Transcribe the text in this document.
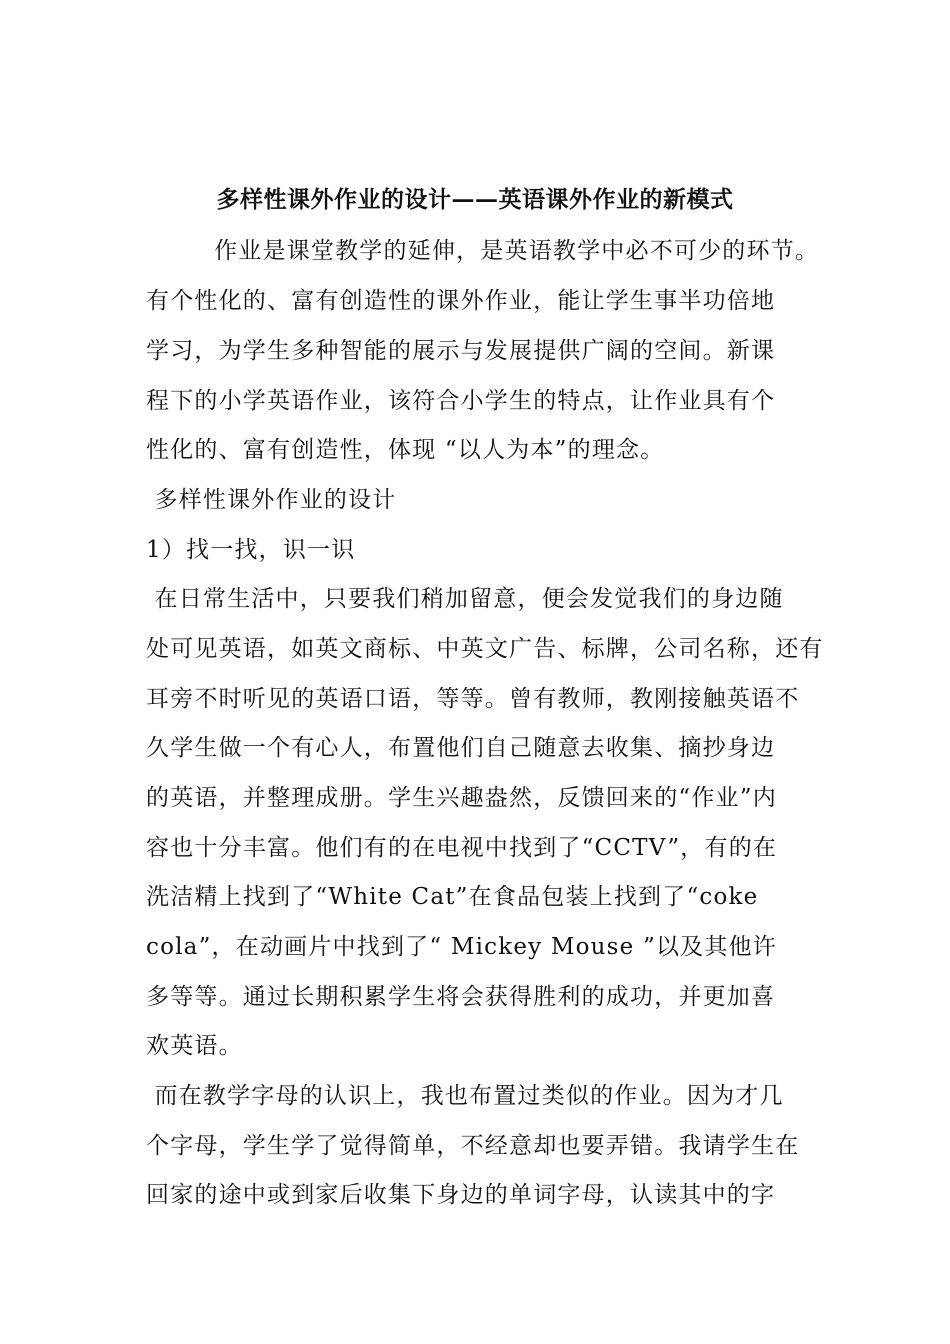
多样性课外作业的设计——英语课外作业的新模式
作业是课堂教学的延伸，是英语教学中必不可少的环节。
有个性化的、富有创造性的课外作业，能让学生事半功倍地
学习，为学生多种智能的展示与发展提供广阔的空间。新课
程下的小学英语作业，该符合小学生的特点，让作业具有个
性化的、富有创造性，体现 “以人为本”的理念。
多样性课外作业的设计
1）找一找，识一识
在日常生活中，只要我们稍加留意，便会发觉我们的身边随
处可见英语，如英文商标、中英文广告、标牌，公司名称，还有
耳旁不时听见的英语口语，等等。曾有教师，教刚接触英语不
久学生做一个有心人，布置他们自己随意去收集、摘抄身边
的英语，并整理成册。学生兴趣盎然，反馈回来的“作业”内
容也十分丰富。他们有的在电视中找到了“CCTV”，有的在
洗洁精上找到了“White Cat”在食品包装上找到了“coke
cola”，在动画片中找到了“ Mickey Mouse ”以及其他许
多等等。通过长期积累学生将会获得胜利的成功，并更加喜
欢英语。
而在教学字母的认识上，我也布置过类似的作业。因为才几
个字母，学生学了觉得简单，不经意却也要弄错。我请学生在
回家的途中或到家后收集下身边的单词字母，认读其中的字
